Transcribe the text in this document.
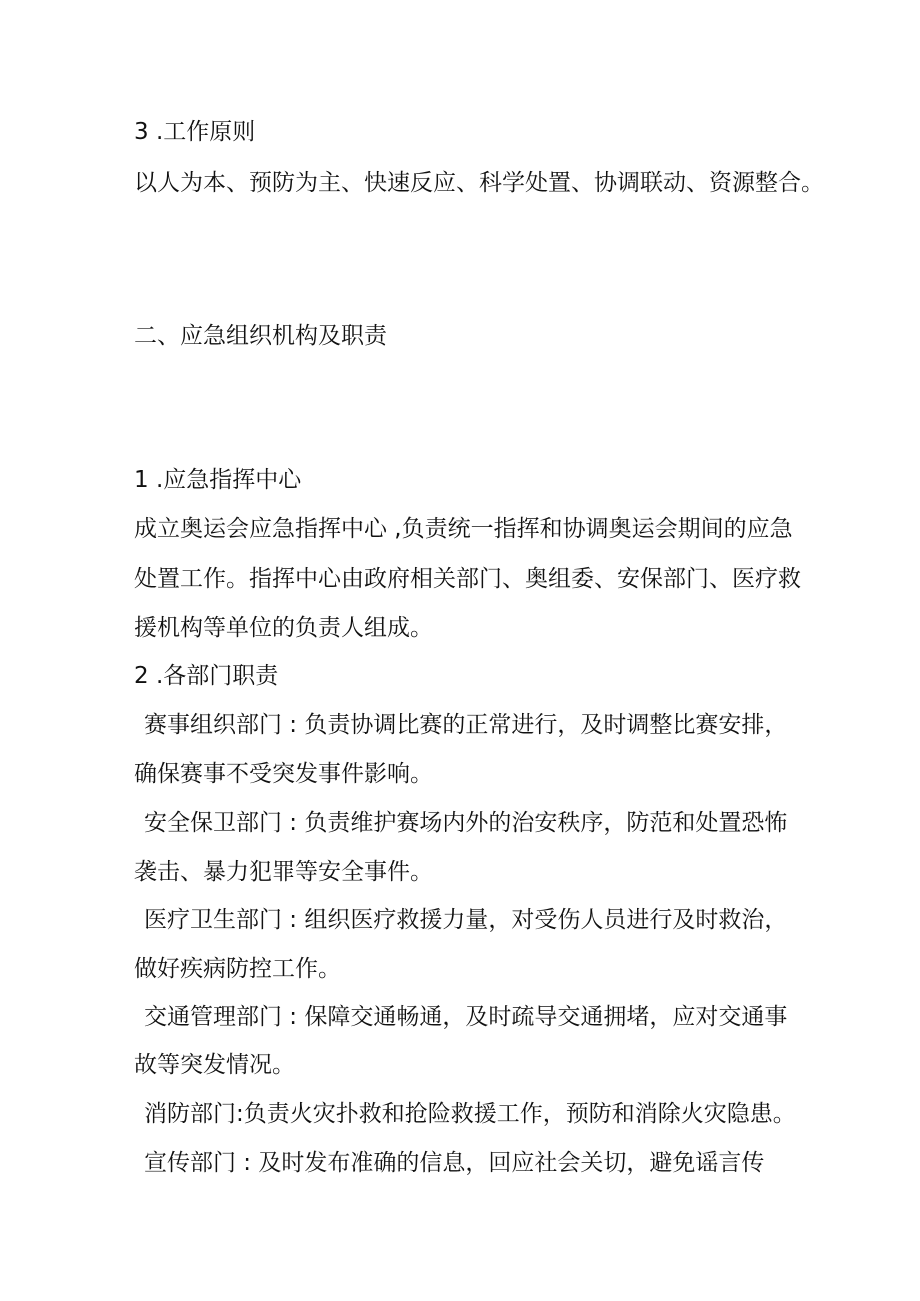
3 .工作原则

以人为本、预防为主、快速反应、科学处置、协调联动、资源整合。

二、应急组织机构及职责

1 .应急指挥中心

成立奥运会应急指挥中心 ,负责统一指挥和协调奥运会期间的应急

处置工作。指挥中心由政府相关部门、奥组委、安保部门、医疗救

援机构等单位的负责人组成。

2 .各部门职责

赛事组织部门 : 负责协调比赛的正常进行，及时调整比赛安排，

确保赛事不受突发事件影响。

安全保卫部门 : 负责维护赛场内外的治安秩序，防范和处置恐怖

袭击、暴力犯罪等安全事件。

医疗卫生部门 : 组织医疗救援力量，对受伤人员进行及时救治，

做好疾病防控工作。

交通管理部门 : 保障交通畅通，及时疏导交通拥堵，应对交通事

故等突发情况。

消防部门:负责火灾扑救和抢险救援工作，预防和消除火灾隐患。

宣传部门 : 及时发布准确的信息，回应社会关切，避免谣言传
